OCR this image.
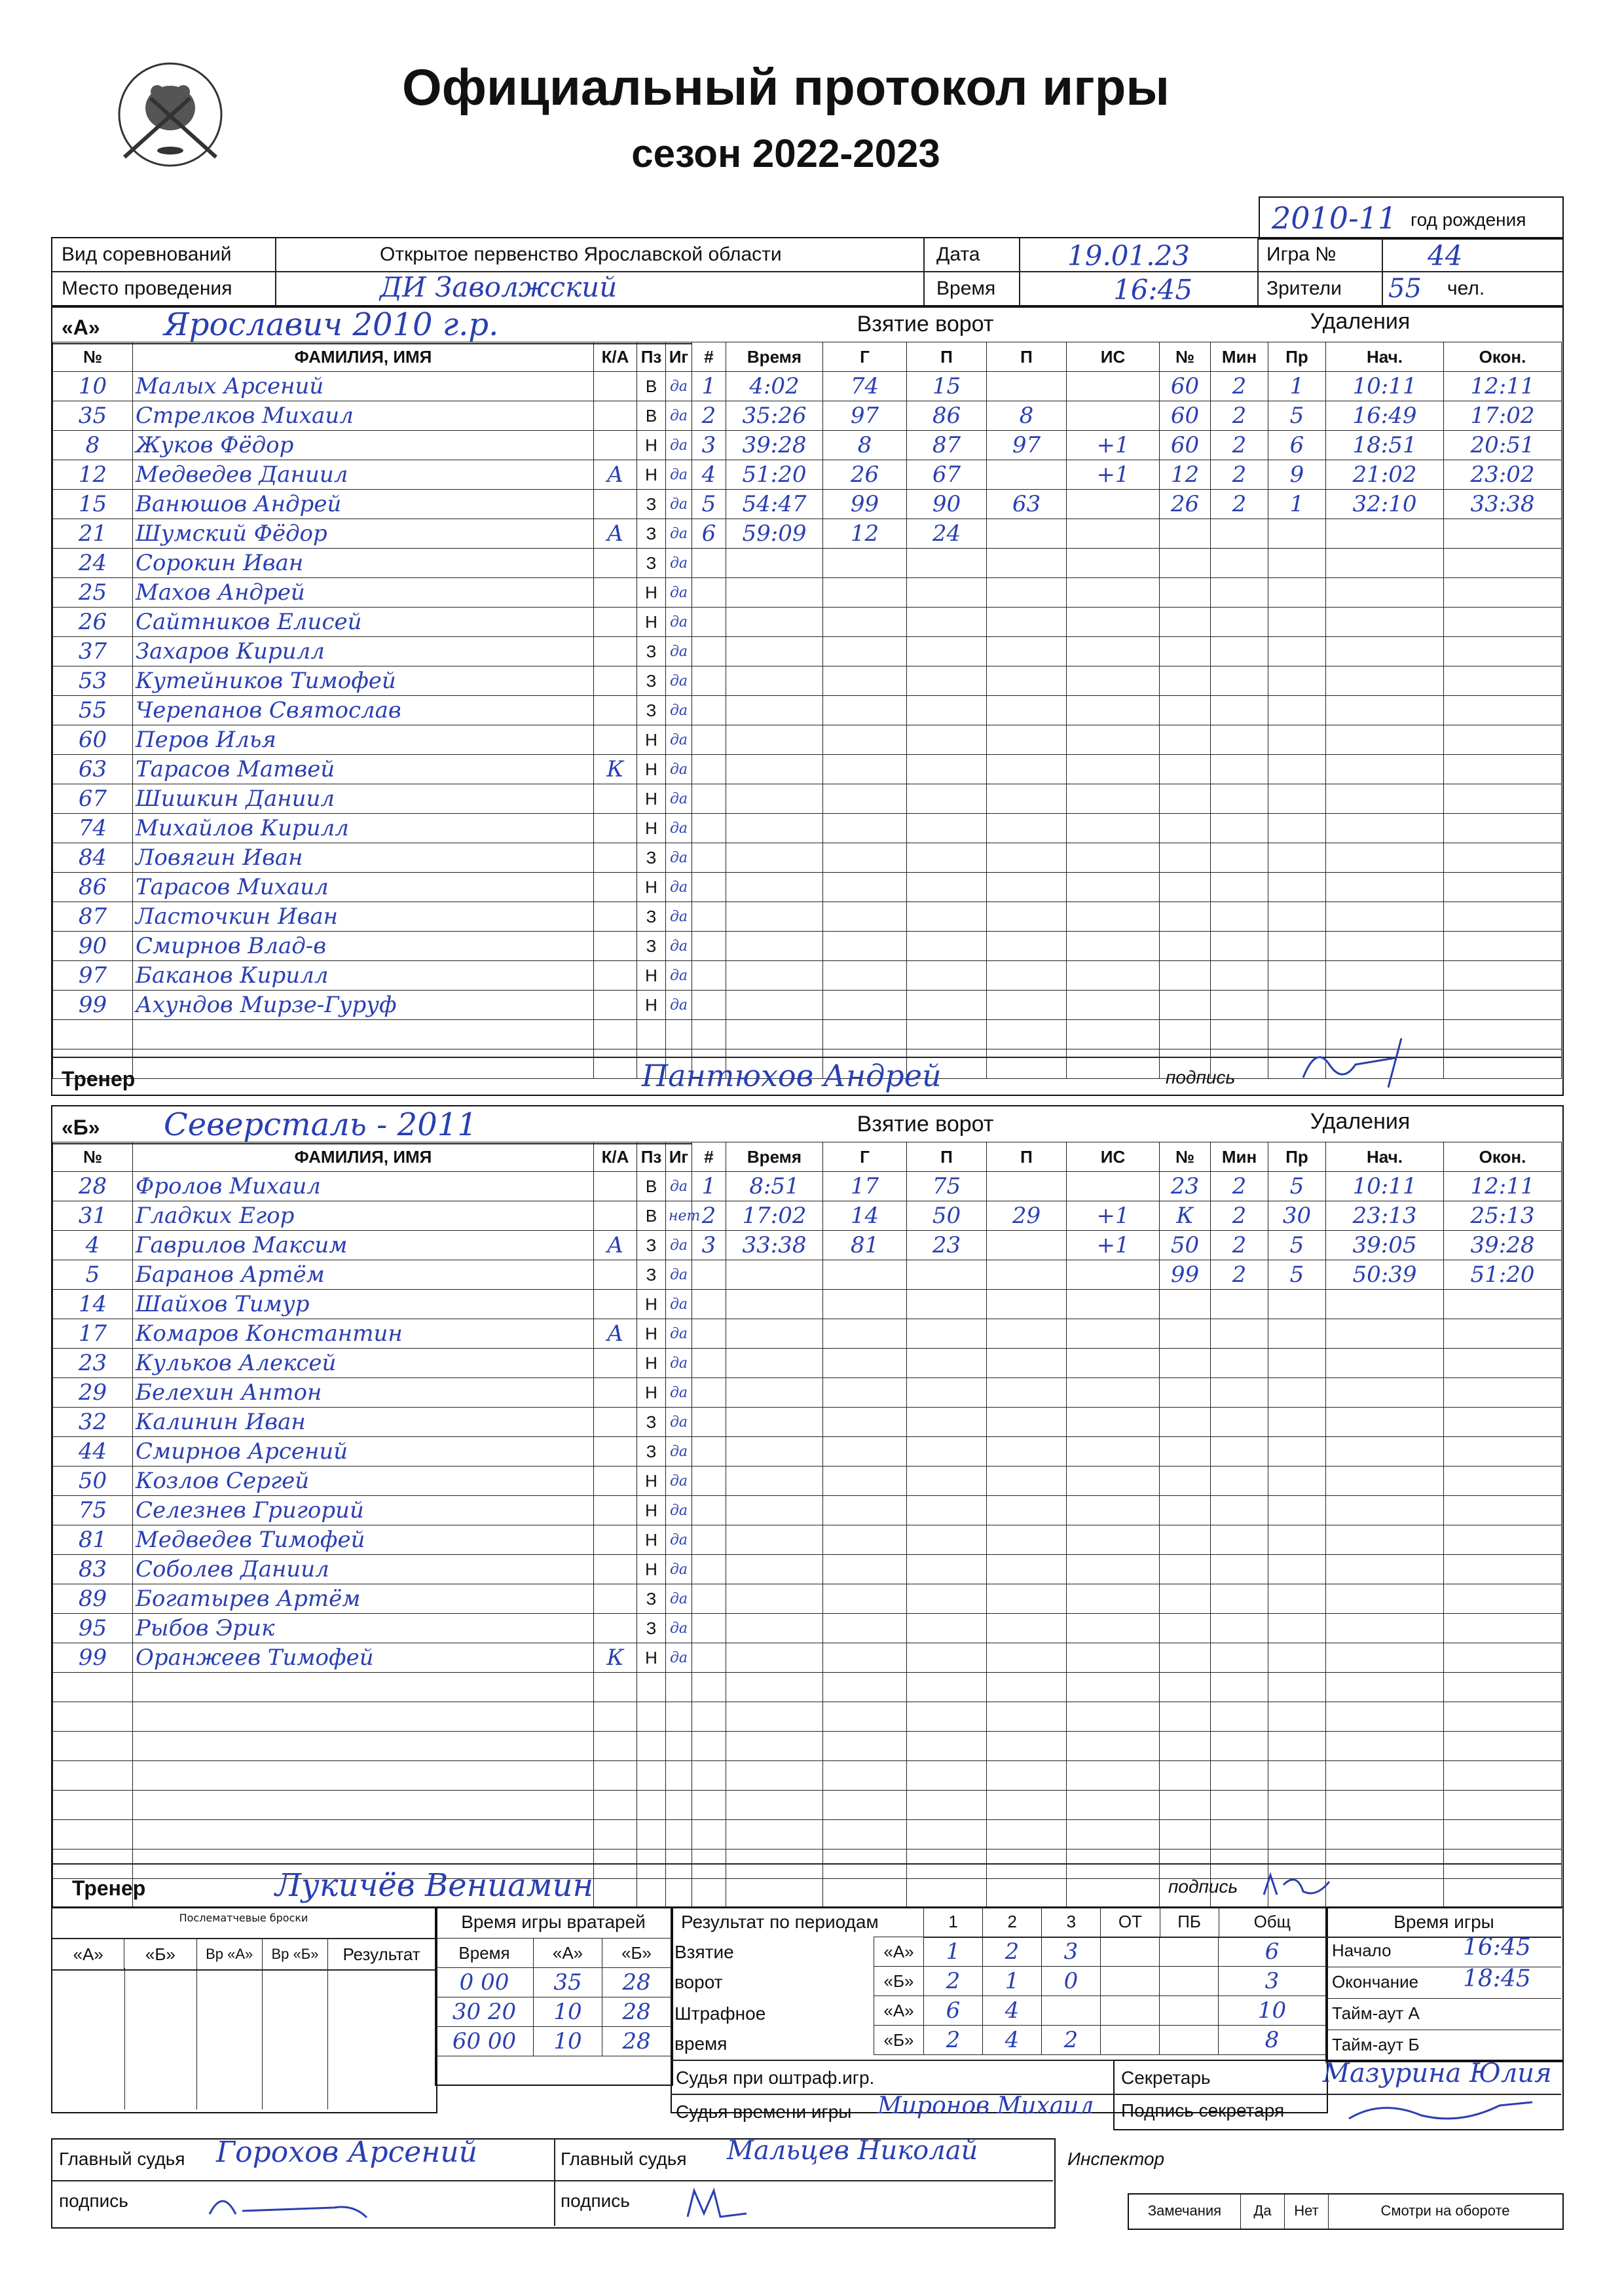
Официальный протокол игры
сезон 2022-2023
2010-11 год рождения
Вид соревнований	Открытое первенство Ярославской области
Место проведения	ДИ Заволжский
Дата	19.01.23
Время	16:45
Игра №	44
Зрители 55 чел.
«А» Ярославич 2010 г.р.	Взятие ворот	Удаления
№	ФАМИЛИЯ, ИМЯ	К/А	Пз	Иг
10	Малых Арсений		В	да
35	Стрелков Михаил		В	да
8	Жуков Фёдор		Н	да
12	Медведев Даниил	А	Н	да
15	Ванюшов Андрей		З	да
21	Шумский Фёдор	А	З	да
24	Сорокин Иван		З	да
25	Махов Андрей		Н	да
26	Сайтников Елисей		Н	да
37	Захаров Кирилл		З	да
53	Кутейников Тимофей		З	да
55	Черепанов Святослав		З	да
60	Перов Илья		Н	да
63	Тарасов Матвей	К	Н	да
67	Шишкин Даниил		Н	да
74	Михайлов Кирилл		Н	да
84	Ловягин Иван		З	да
86	Тарасов Михаил		Н	да
87	Ласточкин Иван		З	да
90	Смирнов Влад-в		З	да
97	Баканов Кирилл		Н	да
99	Ахундов Мирзе-Гуруф		Н	да

#	Время	Г	П	П	ИС
1	4:02	74	15		
2	35:26	97	86	8	
3	39:28	8	87	97	+1
4	51:20	26	67		+1
5	54:47	99	90	63	
6	59:09	12	24		

№	Мин	Пр	Нач.	Окон.
60	2	1	10:11	12:11
60	2	5	16:49	17:02
60	2	6	18:51	20:51
12	2	9	21:02	23:02
26	2	1	32:10	33:38

Тренер	Пантюхов Андрей	подпись
«Б» Северсталь - 2011	Взятие ворот	Удаления
№	ФАМИЛИЯ, ИМЯ	К/А	Пз	Иг
28	Фролов Михаил		В	да
31	Гладких Егор		В	нет
4	Гаврилов Максим	А	З	да
5	Баранов Артём		З	да
14	Шайхов Тимур		Н	да
17	Комаров Константин	А	Н	да
23	Кульков Алексей		Н	да
29	Белехин Антон		Н	да
32	Калинин Иван		З	да
44	Смирнов Арсений		З	да
50	Козлов Сергей		Н	да
75	Селезнев Григорий		Н	да
81	Медведев Тимофей		Н	да
83	Соболев Даниил		Н	да
89	Богатырев Артём		З	да
95	Рыбов Эрик		З	да
99	Оранжеев Тимофей	К	Н	да

#	Время	Г	П	П	ИС
1	8:51	17	75		
2	17:02	14	50	29	+1
3	33:38	81	23		+1

№	Мин	Пр	Нач.	Окон.
23	2	5	10:11	12:11
К	2	30	23:13	25:13
50	2	5	39:05	39:28
99	2	5	50:39	51:20

Тренер	Лукичёв Вениамин	подпись
Послематчевые броски
«А»	«Б»	Вр «А»	Вр «Б»	Результат
Время игры вратарей
Время	«А»	«Б»
0 00	35	28
30 20	10	28
60 00	10	28
Результат по периодам	1	2	3	ОТ	ПБ	Общ
Взятие
ворот
Штрафное
время
«А»	1	2	3			6
«Б»	2	1	0			3
«А»	6	4				10
«Б»	2	4	2			8
Судья при оштраф.игр.
Судья времени игры Миронов Михаил
Секретарь	Мазурина Юлия
Подпись секретаря
Время игры
Начало	16:45
Окончание 18:45
Тайм-аут А
Тайм-аут Б
Главный судья Горохов Арсений
подпись
Главный судья Мальцев Николай
подпись
Инспектор
Замечания	Да	Нет	Смотри на обороте
